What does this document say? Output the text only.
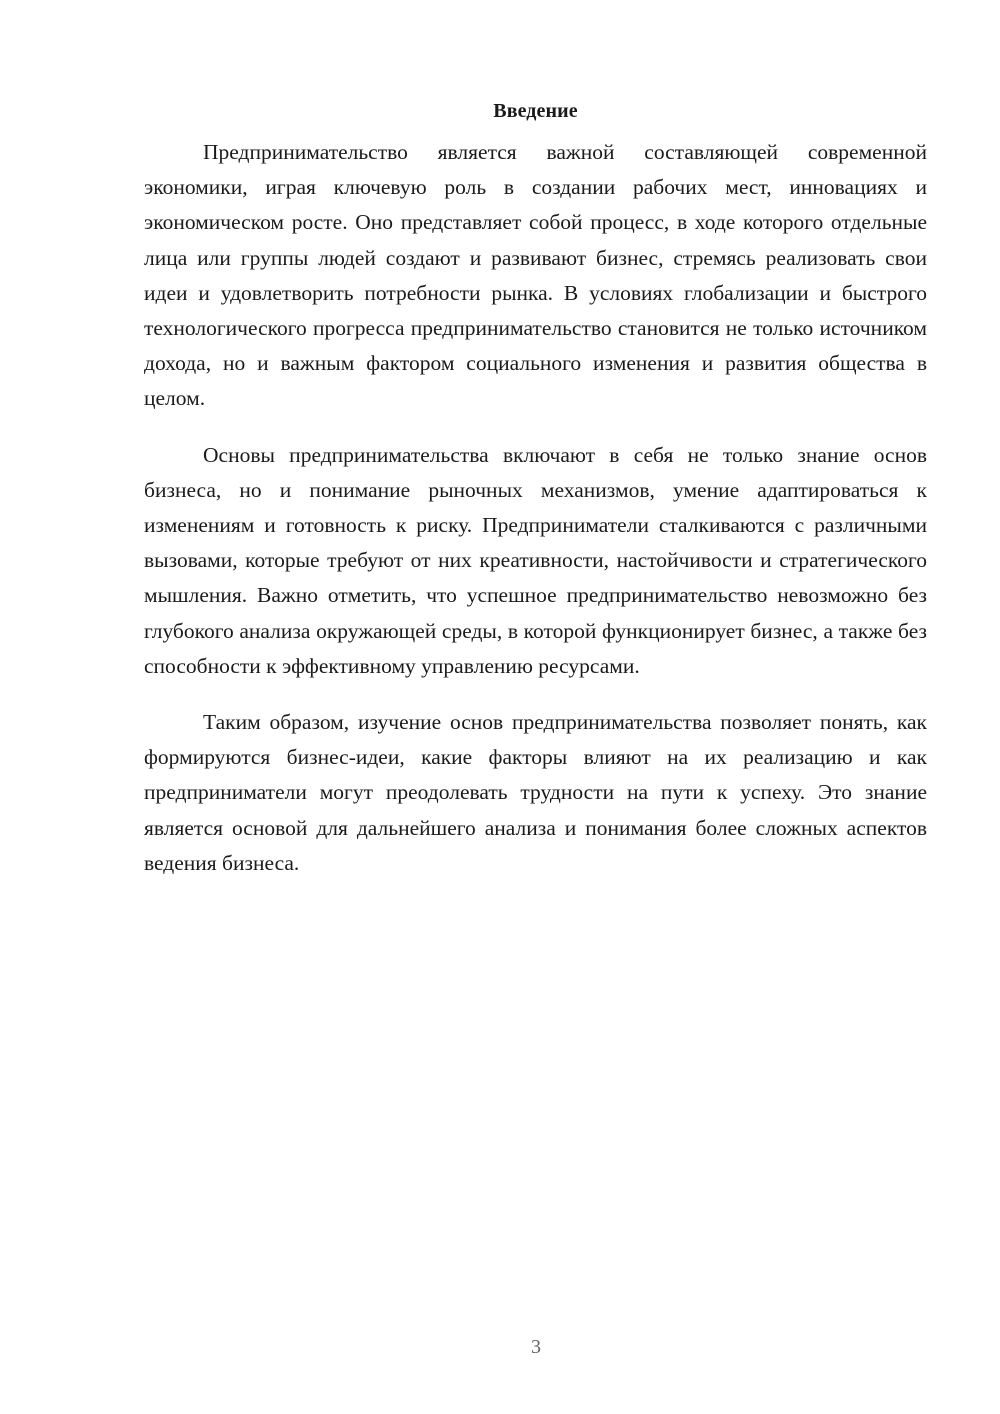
Введение

Предпринимательство является важной составляющей современной экономики, играя ключевую роль в создании рабочих мест, инновациях и экономическом росте. Оно представляет собой процесс, в ходе которого отдельные лица или группы людей создают и развивают бизнес, стремясь реализовать свои идеи и удовлетворить потребности рынка. В условиях глобализации и быстрого технологического прогресса предпринимательство становится не только источником дохода, но и важным фактором социального изменения и развития общества в целом.

Основы предпринимательства включают в себя не только знание основ бизнеса, но и понимание рыночных механизмов, умение адаптироваться к изменениям и готовность к риску. Предприниматели сталкиваются с различными вызовами, которые требуют от них креативности, настойчивости и стратегического мышления. Важно отметить, что успешное предпринимательство невозможно без глубокого анализа окружающей среды, в которой функционирует бизнес, а также без способности к эффективному управлению ресурсами.

Таким образом, изучение основ предпринимательства позволяет понять, как формируются бизнес-идеи, какие факторы влияют на их реализацию и как предприниматели могут преодолевать трудности на пути к успеху. Это знание является основой для дальнейшего анализа и понимания более сложных аспектов ведения бизнеса.

3
